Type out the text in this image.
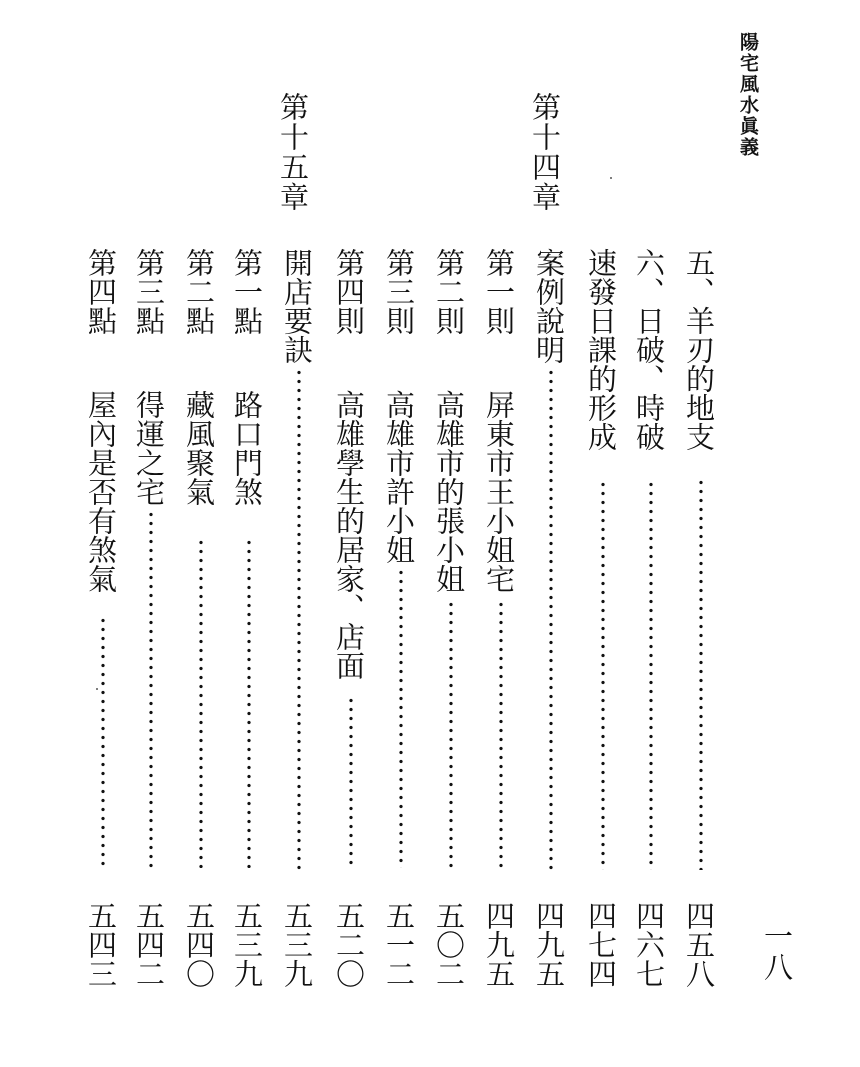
陽宅風水眞義
一八
第十四章
第十五章
五、羊刃的地支
四五八
六、日破、時破
四六七
速發日課的形成
四七四
案例說明
四九五
第一則
屏東市王小姐宅
四九五
第二則
高雄市的張小姐
五〇二
第三則
高雄市許小姐
五一二
第四則
高雄學生的居家、店面
五二〇
開店要訣
五三九
第一點
路口門煞
五三九
第二點
藏風聚氣
五四〇
第三點
得運之宅
五四二
第四點
屋內是否有煞氣
五四三
